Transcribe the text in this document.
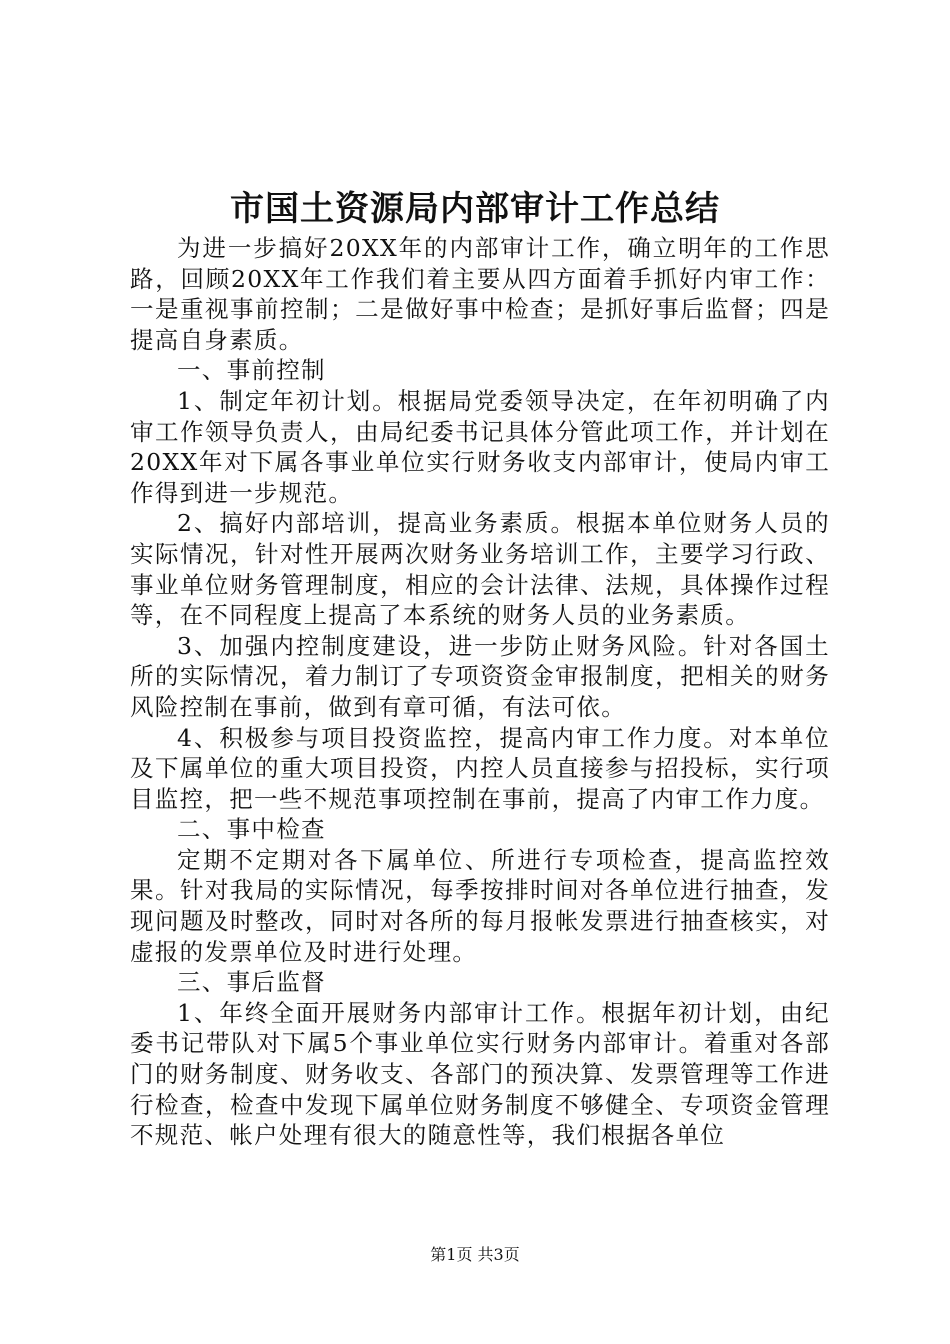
市国土资源局内部审计工作总结

为进一步搞好20XX年的内部审计工作，确立明年的工作思路，回顾20XX年工作我们着主要从四方面着手抓好内审工作：一是重视事前控制；二是做好事中检查；是抓好事后监督；四是提高自身素质。

一、事前控制

1、制定年初计划。根据局党委领导决定，在年初明确了内审工作领导负责人，由局纪委书记具体分管此项工作，并计划在20XX年对下属各事业单位实行财务收支内部审计，使局内审工作得到进一步规范。

2、搞好内部培训，提高业务素质。根据本单位财务人员的实际情况，针对性开展两次财务业务培训工作，主要学习行政、事业单位财务管理制度，相应的会计法律、法规，具体操作过程等，在不同程度上提高了本系统的财务人员的业务素质。

3、加强内控制度建设，进一步防止财务风险。针对各国土所的实际情况，着力制订了专项资资金审报制度，把相关的财务风险控制在事前，做到有章可循，有法可依。

4、积极参与项目投资监控，提高内审工作力度。对本单位及下属单位的重大项目投资，内控人员直接参与招投标，实行项目监控，把一些不规范事项控制在事前，提高了内审工作力度。

二、事中检查

定期不定期对各下属单位、所进行专项检查，提高监控效果。针对我局的实际情况，每季按排时间对各单位进行抽查，发现问题及时整改，同时对各所的每月报帐发票进行抽查核实，对虚报的发票单位及时进行处理。

三、事后监督

1、年终全面开展财务内部审计工作。根据年初计划，由纪委书记带队对下属5个事业单位实行财务内部审计。着重对各部门的财务制度、财务收支、各部门的预决算、发票管理等工作进行检查，检查中发现下属单位财务制度不够健全、专项资金管理不规范、帐户处理有很大的随意性等，我们根据各单位

第1页 共3页
